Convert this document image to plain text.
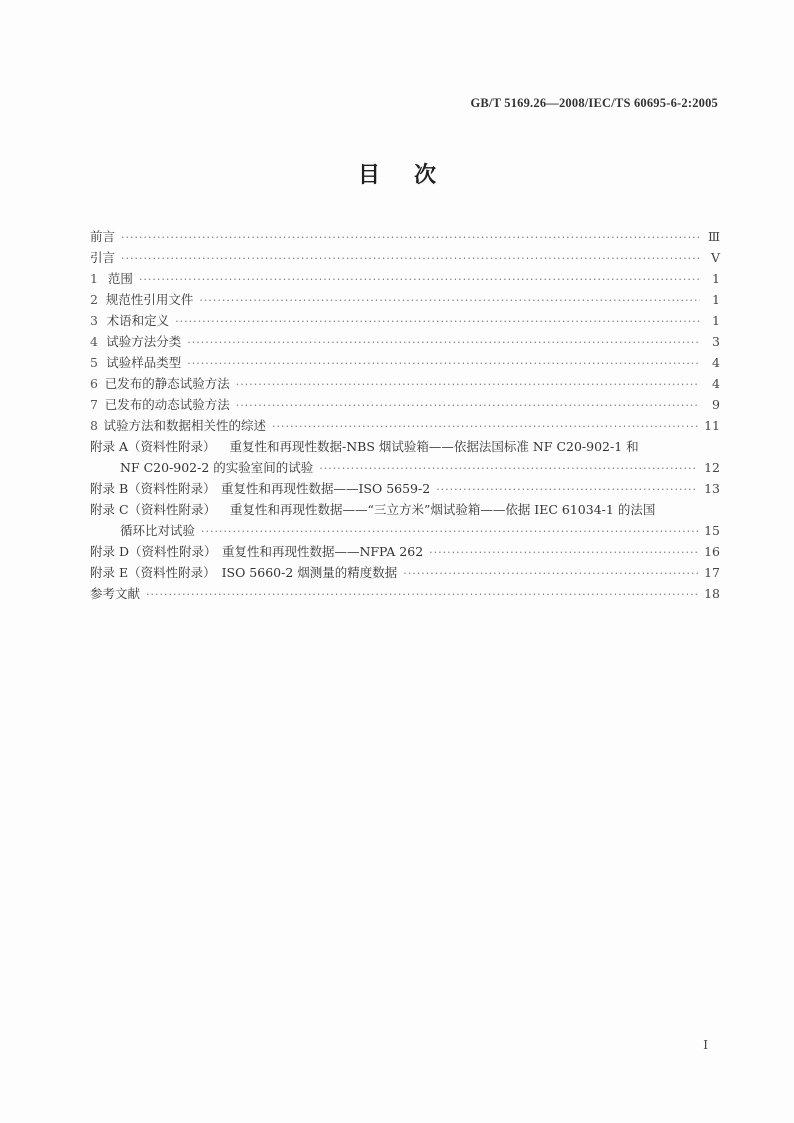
GB/T 5169.26—2008/IEC/TS 60695-6-2:2005
目次
前言 ·····	Ⅲ
引言 ·····	Ⅴ
1 范围 ·····	1
2 规范性引用文件 ·····	1
3 术语和定义 ·····	1
4 试验方法分类 ·····	3
5 试验样品类型 ·····	4
6 已发布的静态试验方法 ·····	4
7 已发布的动态试验方法 ·····	9
8 试验方法和数据相关性的综述 ·····	11
附录 A（资料性附录） 重复性和再现性数据-NBS 烟试验箱——依据法国标准 NF C20-902-1 和
NF C20-902-2 的实验室间的试验 ·····	12
附录 B（资料性附录） 重复性和再现性数据——ISO 5659-2 ·····	13
附录 C（资料性附录） 重复性和再现性数据——“三立方米”烟试验箱——依据 IEC 61034-1 的法国
循环比对试验 ·····	15
附录 D（资料性附录） 重复性和再现性数据——NFPA 262 ·····	16
附录 E（资料性附录） ISO 5660-2 烟测量的精度数据 ·····	17
参考文献 ·····	18
I
